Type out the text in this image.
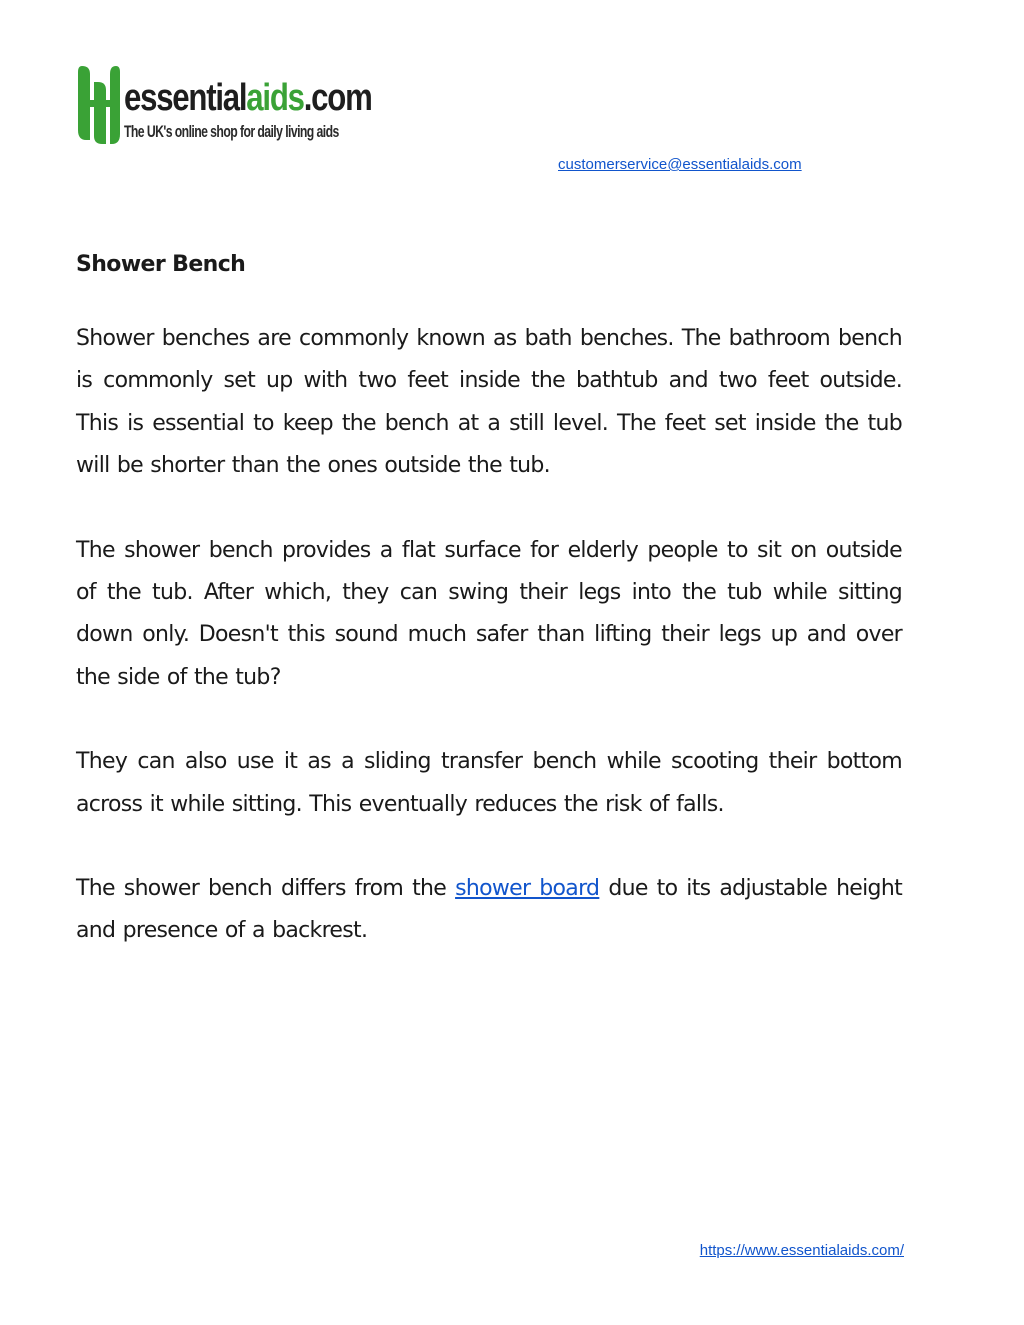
essentialaids.com
The UK's online shop for daily living aids
customerservice@essentialaids.com
Shower Bench

Shower benches are commonly known as bath benches. The bathroom bench is commonly set up with two feet inside the bathtub and two feet outside. This is essential to keep the bench at a still level. The feet set inside the tub will be shorter than the ones outside the tub.

The shower bench provides a flat surface for elderly people to sit on outside of the tub. After which, they can swing their legs into the tub while sitting down only. Doesn't this sound much safer than lifting their legs up and over the side of the tub?

They can also use it as a sliding transfer bench while scooting their bottom across it while sitting. This eventually reduces the risk of falls.

The shower bench differs from the shower board due to its adjustable height and presence of a backrest.

https://www.essentialaids.com/
